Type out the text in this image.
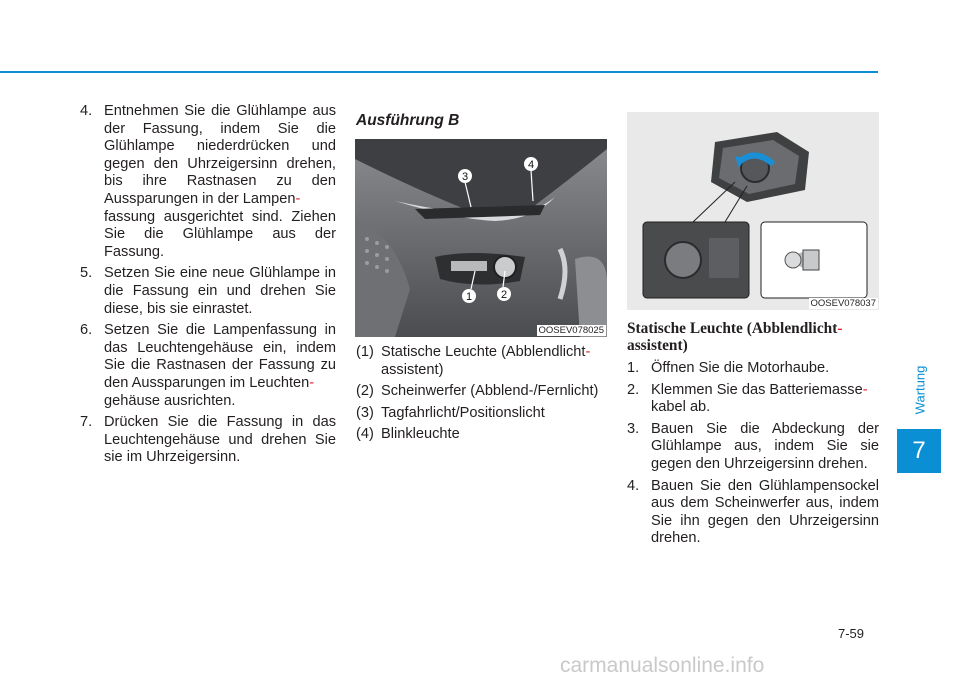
4. Entnehmen Sie die Glühlampe aus der Fassung, indem Sie die Glühlampe niederdrücken und gegen den Uhrzeigersinn drehen, bis ihre Rastnasen zu den Aussparungen in der Lampen-
fassung ausgerichtet sind. Ziehen Sie die Glühlampe aus der Fassung.
5. Setzen Sie eine neue Glühlampe in die Fassung ein und drehen Sie diese, bis sie einrastet.
6. Setzen Sie die Lampenfassung in das Leuchtengehäuse ein, indem Sie die Rastnasen der Fassung zu den Aussparungen im Leuchten-
gehäuse ausrichten.
7. Drücken Sie die Fassung in das Leuchtengehäuse und drehen Sie sie im Uhrzeigersinn.
Ausführung B
3
4
1	2
OOSEV078025
(1) Statische Leuchte (Abblendlicht-
assistent)
(2) Scheinwerfer (Abblend-/Fernlicht)
(3) Tagfahrlicht/Positionslicht
(4) Blinkleuchte
OOSEV078037
Statische Leuchte (Abblendlicht-
assistent)
1. Öffnen Sie die Motorhaube.
2. Klemmen Sie das Batteriemasse-
kabel ab.
3. Bauen Sie die Abdeckung der Glühlampe aus, indem Sie sie gegen den Uhrzeigersinn drehen.
4. Bauen Sie den Glühlampensockel aus dem Scheinwerfer aus, indem Sie ihn gegen den Uhrzeigersinn drehen.
Wartung
7
7-59
carmanualsonline.info
